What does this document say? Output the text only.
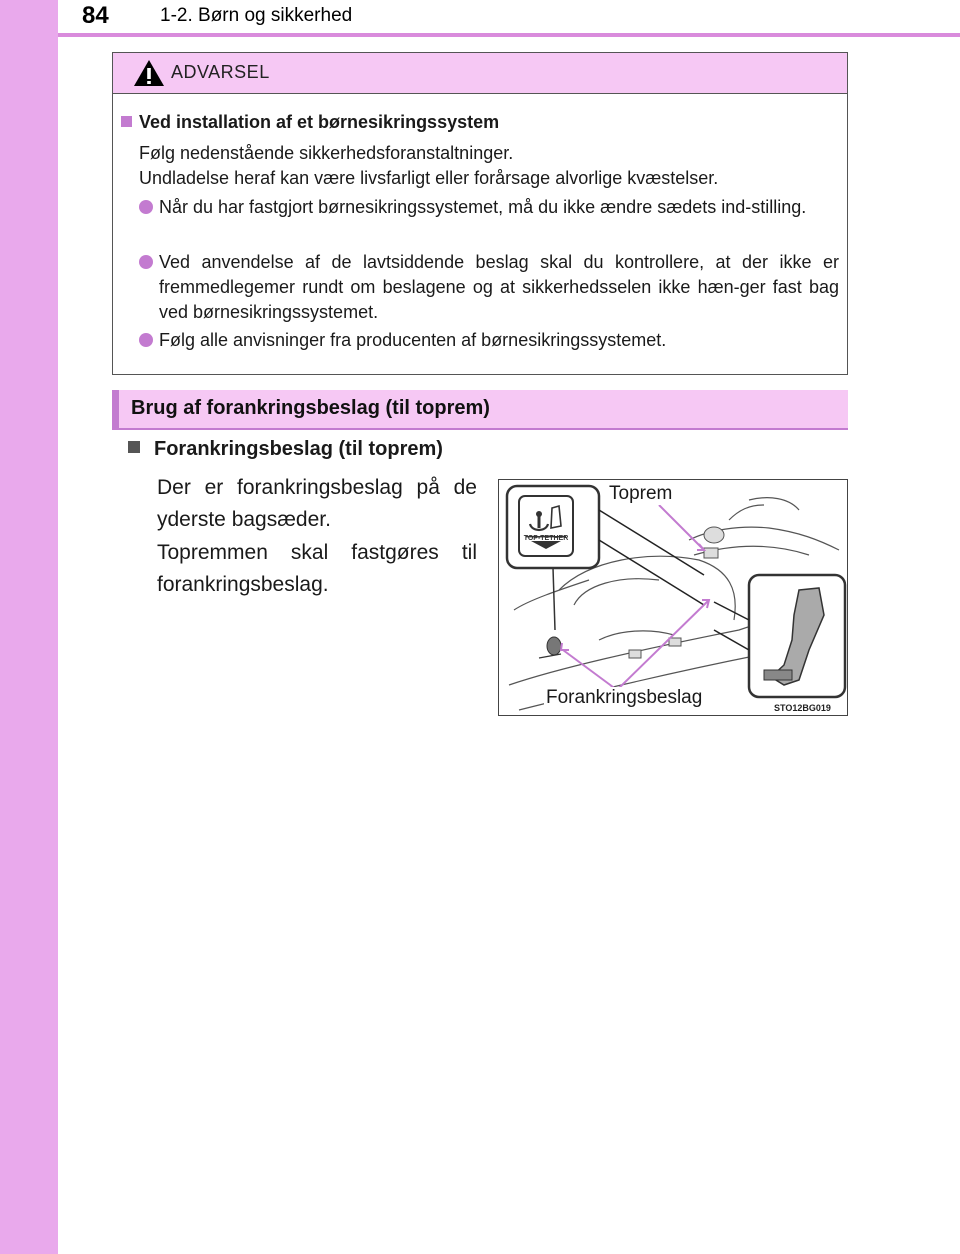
84	1-2. Børn og sikkerhed
ADVARSEL
Ved installation af et børnesikringssystem
Følg nedenstående sikkerhedsforanstaltninger.
Undladelse heraf kan være livsfarligt eller forårsage alvorlige kvæstelser.
Når du har fastgjort børnesikringssystemet, må du ikke ændre sædets ind-stilling.
Ved anvendelse af de lavtsiddende beslag skal du kontrollere, at der ikke er fremmedlegemer rundt om beslagene og at sikkerhedsselen ikke hæn-ger fast bag ved børnesikringssystemet.
Følg alle anvisninger fra producenten af børnesikringssystemet.
Brug af forankringsbeslag (til toprem)
Forankringsbeslag (til toprem)
Der er forankringsbeslag på de yderste bagsæder.
Topremmen skal fastgøres til forankringsbeslag.
TOP-TETHER
Toprem
Forankringsbeslag	STO12BG019
